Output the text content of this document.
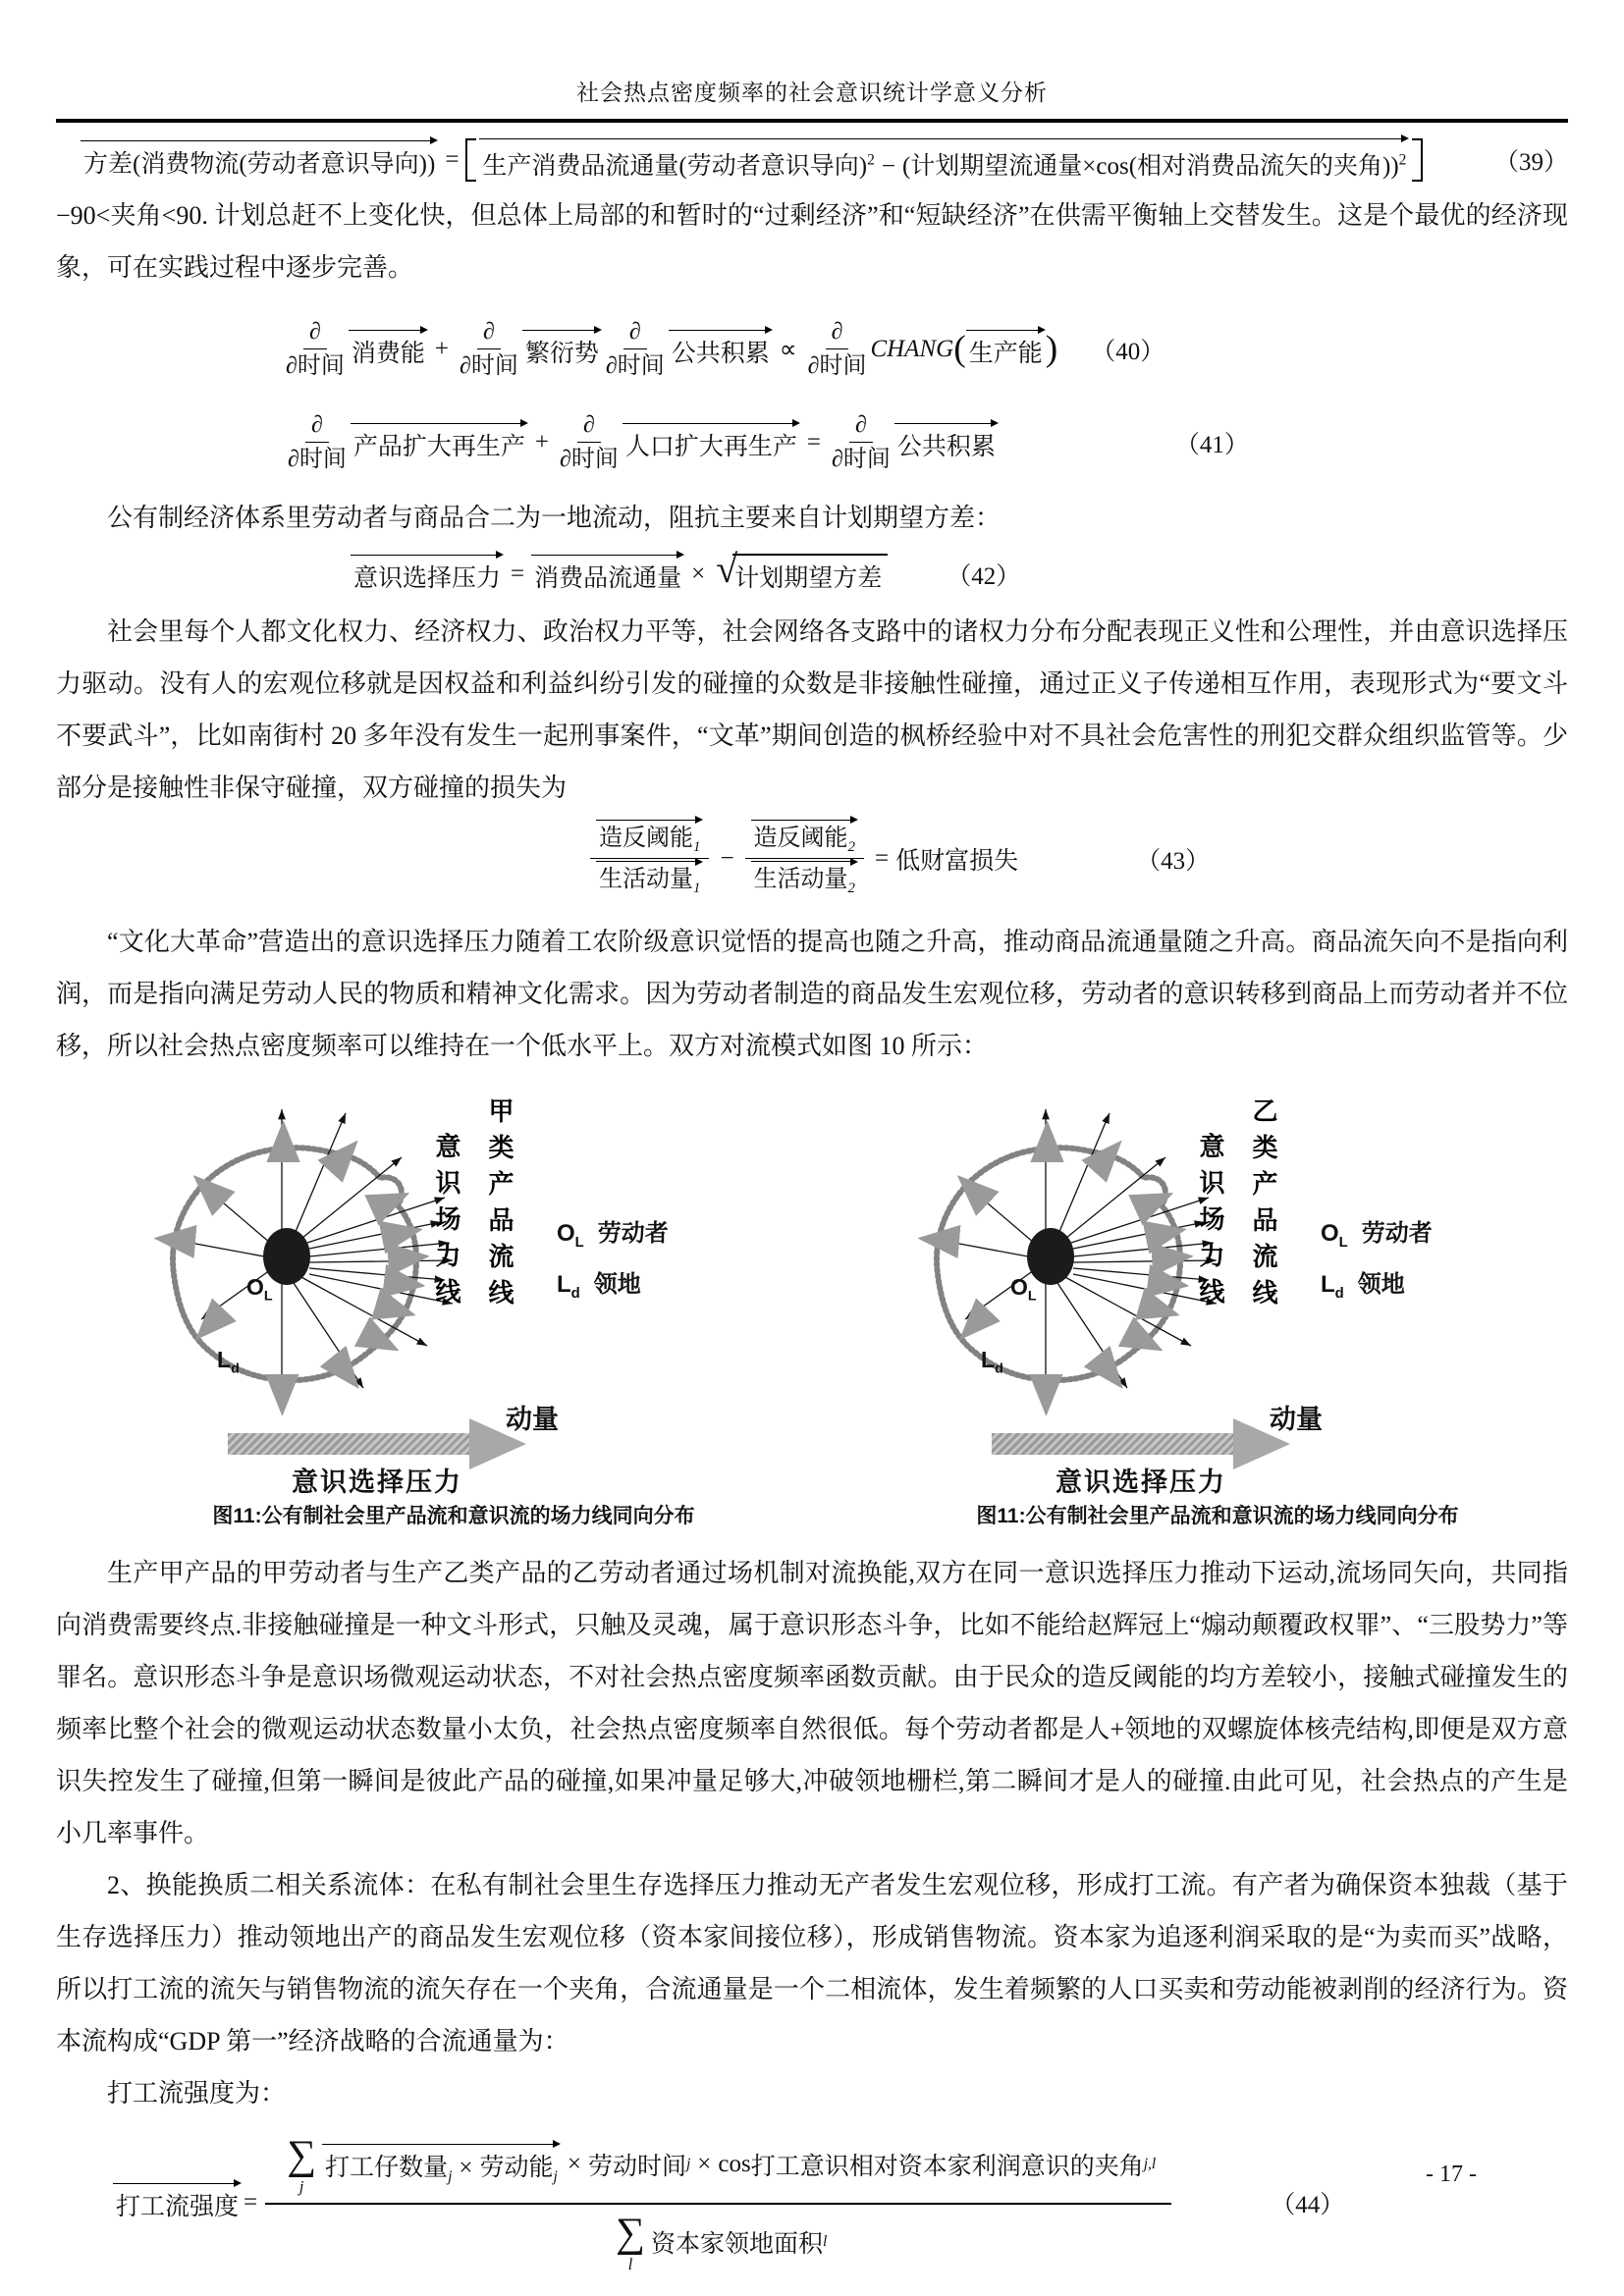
社会热点密度频率的社会意识统计学意义分析
方差(消费物流(劳动者意识导向)) = 生产消费品流通量(劳动者意识导向)$^2$ − (计划期望流通量×cos(相对消费品流矢的夹角))$^2$	（39）
−90<夹角<90. 计划总赶不上变化快，但总体上局部的和暂时的“过剩经济”和“短缺经济”在供需平衡轴上交替发生。这是个最优的经济现象，可在实践过程中逐步完善。
$\frac{\partial}{\text{∂时间}}$ 消费能 + $\frac{\partial}{\text{∂时间}}$ 繁衍势 $\frac{\partial}{\text{∂时间}}$ 公共积累 ∝ $\frac{\partial}{\text{∂时间}}$ CHANG ( 生产能 ) （40）
$\frac{\partial}{\text{∂时间}}$ 产品扩大再生产 + $\frac{\partial}{\text{∂时间}}$ 人口扩大再生产 = $\frac{\partial}{\text{∂时间}}$ 公共积累	（41）
公有制经济体系里劳动者与商品合二为一地流动，阻抗主要来自计划期望方差：
意识选择压力 = 消费品流通量 × √
计划期望方差	（42）
社会里每个人都文化权力、经济权力、政治权力平等，社会网络各支路中的诸权力分布分配表现正义性和公理性，并由意识选择压力驱动。没有人的宏观位移就是因权益和利益纠纷引发的碰撞的众数是非接触性碰撞，通过正义子传递相互作用，表现形式为“要文斗不要武斗”，比如南街村 20 多年没有发生一起刑事案件，“文革”期间创造的枫桥经验中对不具社会危害性的刑犯交群众组织监管等。少部分是接触性非保守碰撞，双方碰撞的损失为
$\frac{造反阈能_1}{生活动量_1} - \frac{造反阈能_2}{生活动量_2}$ = 低财富损失	（43）
“文化大革命”营造出的意识选择压力随着工农阶级意识觉悟的提高也随之升高，推动商品流通量随之升高。商品流矢向不是指向利润，而是指向满足劳动人民的物质和精神文化需求。因为劳动者制造的商品发生宏观位移，劳动者的意识转移到商品上而劳动者并不位移，所以社会热点密度频率可以维持在一个低水平上。双方对流模式如图 10 所示：
甲类产品流线
意识场力线
$O_L$
$L_d$
$O_L$ 劳动者
$L_d$ 领地
动量
意识选择压力
图11:公有制社会里产品流和意识流的场力线同向分布
乙类产品流线
意识场力线
$O_L$
$L_d$
$O_L$ 劳动者
$L_d$ 领地
动量
意识选择压力
图11:公有制社会里产品流和意识流的场力线同向分布
生产甲产品的甲劳动者与生产乙类产品的乙劳动者通过场机制对流换能,双方在同一意识选择压力推动下运动,流场同矢向，共同指向消费需要终点.非接触碰撞是一种文斗形式，只触及灵魂，属于意识形态斗争，比如不能给赵辉冠上“煽动颠覆政权罪”、“三股势力”等罪名。意识形态斗争是意识场微观运动状态，不对社会热点密度频率函数贡献。由于民众的造反阈能的均方差较小，接触式碰撞发生的频率比整个社会的微观运动状态数量小太负，社会热点密度频率自然很低。每个劳动者都是人+领地的双螺旋体核壳结构,即便是双方意识失控发生了碰撞,但第一瞬间是彼此产品的碰撞,如果冲量足够大,冲破领地栅栏,第二瞬间才是人的碰撞.由此可见，社会热点的产生是小几率事件。
2、换能换质二相关系流体：在私有制社会里生存选择压力推动无产者发生宏观位移，形成打工流。有产者为确保资本独裁（基于生存选择压力）推动领地出产的商品发生宏观位移（资本家间接位移），形成销售物流。资本家为追逐利润采取的是“为卖而买”战略，所以打工流的流矢与销售物流的流矢存在一个夹角，合流通量是一个二相流体，发生着频繁的人口买卖和劳动能被剥削的经济行为。资本流构成“GDP 第一”经济战略的合流通量为：
打工流强度为：
打工流强度 =
∑
j
打工仔数量$_j$ × 劳动能$_j$ × 劳动时间 j × cos 打工意识相对资本家利润意识的夹角 j,l
∑
l
资本家领地面积 l
（44）
- 17 -
